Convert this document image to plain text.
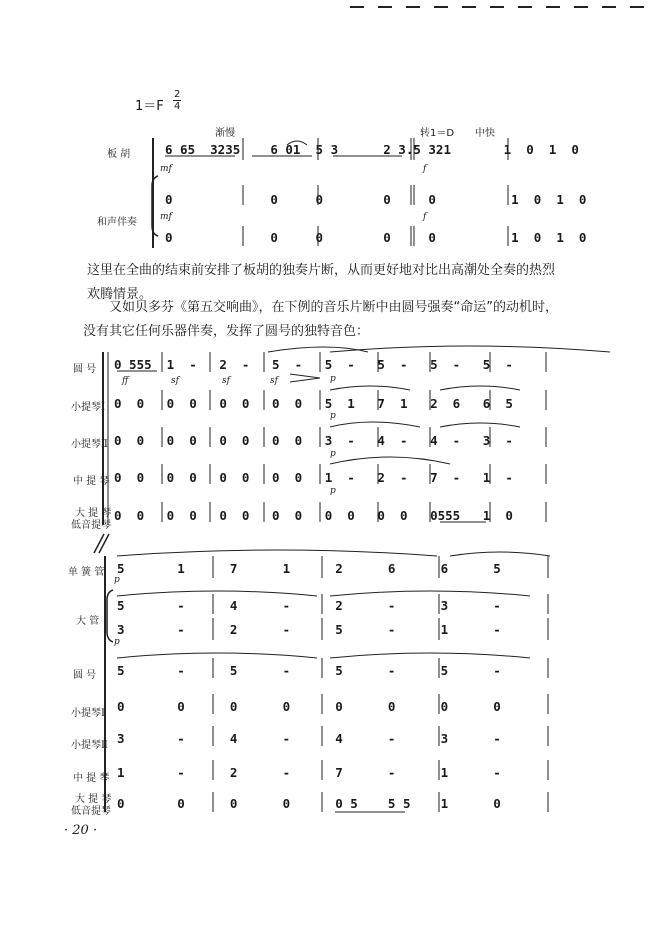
$1=F \frac{2}{4}$
渐慢	转1＝D 中快
板 胡
和声伴奏
6 65  3235    6 01  5 3      2 3.5 321       1  0  1  0
0             0     0        0     0          1  0  1  0
0             0     0        0     0          1  0  1  0
mf
mf
f
f
这里在全曲的结束前安排了板胡的独奏片断，从而更好地对比出高潮处全奏的热烈欢腾情景。
又如贝多芬《第五交响曲》，在下例的音乐片断中由圆号强奏“命运”的动机时，没有其它任何乐器伴奏，发挥了圆号的独特音色：
圆 号
小提琴Ⅰ
小提琴Ⅱ
中 提 琴
大 提 琴
低音提琴
0 555  1  -   2  -   5  -   5  -   5  -   5  -   5  -
0  0   0  0   0  0   0  0   5  1   7  1   2  6   6  5
0  0   0  0   0  0   0  0   3  -   4  -   4  -   3  -
0  0   0  0   0  0   0  0   1  -   2  -   7  -   1  -
0  0   0  0   0  0   0  0   0  0   0  0   0555   1  0
ff	sf	sf	sf	p
p
p
p
单 簧 管
大 管
圆 号
小提琴Ⅰ
小提琴Ⅱ
中 提 琴
大 提 琴
低音提琴
5       1      7      1      2      6      6      5
5       -      4      -      2      -      3      -
3       -      2      -      5      -      1      -
5       -      5      -      5      -      5      -
0       0      0      0      0      0      0      0
3       -      4      -      4      -      3      -
1       -      2      -      7      -      1      -
0       0      0      0      0 5    5 5    1      0
p
p
· 20 ·
